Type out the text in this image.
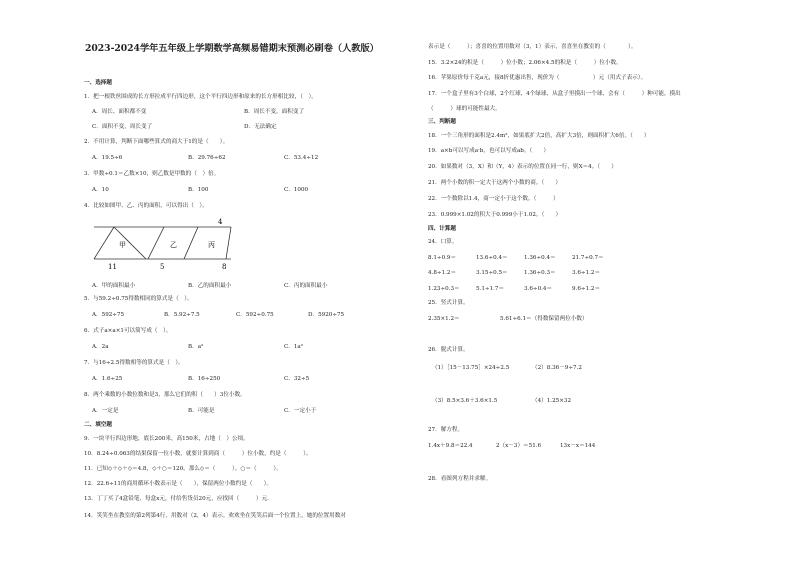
2023-2024学年五年级上学期数学高频易错期末预测必刷卷（人教版）
一、选择题
1．把一根铁丝围成的长方形拉成平行四边形，这个平行四边形和原来的长方形相比较，（　）。
A．周长、面积都不变	B．周长不变，面积变了
C．面积不变，周长变了	D．无法确定
2．不用计算，判断下面哪些算式的商大于1的是（　　）。
A．19.5÷6	B．29.76÷62	C．53.4÷12
3．甲数÷0.1＝乙数×10，则乙数是甲数的（　）倍。
A．10	B．100	C．1000
4．比较如图甲、乙、丙的面积，可以得出（　）。
A．甲的面积最小	B．乙的面积最小	C．丙的面积最小
5．与59.2÷0.75得数相同的算式是（　）。
A．592÷75	B．5.92÷7.5	C．592÷0.75	D．5920÷75
6．式子a×a×1可以简写成（　）。
A．2a	B．a²	C．1a²
7．与16÷2.5得数相等的算式是（　）。
A．1.6÷25	B．16÷250	C．32÷5
8．两个乘数的小数位数和是3，那么它们的积（　　）3位小数。
A．一定是	B．可能是	C．一定小于
二、填空题
9．一块平行四边形地，底长200米，高150米，占地（　）公顷。
10．8.24÷0.063的结果保留一位小数，就要计算到商（　　　）位小数，约是（　　　）。
11．已知◇＋◇＋◇＝4.8，◇＋○＝120，那么◇＝（　　　），○＝（　　　）。
12．22.6÷11的商用循环小数表示是（　　），保留两位小数约是（　　）。
13．丁丁买了4盒铅笔，每盒x元，付给售货员20元，应找回（　　　）元．
14．笑笑坐在教室的第2列第4行，用数对（2，4）表示。欢欢坐在笑笑后面一个位置上，她的位置用数对
表示是（　　　）；喜喜的位置用数对（3，1）表示，喜喜坐在教室的（　　　　）。
15．3.2×24的积是（　　　）位小数；2.06×4.5的积是（　　　）位小数。
16．苹果原价每千克a元，接8折优惠出售，现价为（　　　　　　）元（用式子表示）。
17．一个盒子里有3个白球，2个红球，4个绿球，从盒子里摸出一个球，会有（　　　）种可能，摸出
（　　　）球的可能性最大。
三、判断题
18．一个三角形的面积是2.4m²，如果底扩大2倍，高扩大3倍，则面积扩大6倍。（　　）
19．a×b可以写成a·b，也可以写成ab。（　　）
20．如果数对（3，X）和（Y，4）表示的位置在同一行，则X＝4。（　　）
21．两个小数的积一定大于这两个小数的商。（　　）
22．一个数除以1.4，商一定小于这个数。（　　　）
23．0.999×1.02的积大于0.999小于1.02。（　　）
四、计算题
24．口算。
8.1÷0.9＝	13.6÷0.4＝	1.36÷0.4＝	21.7÷0.7＝
4.8÷1.2＝	3.15÷0.5＝	1.36÷0.3＝	3.6÷1.2＝
1.23÷0.3＝	5.1÷1.7＝	3.6÷0.4＝	9.6÷1.2＝
25．竖式计算。
2.35×1.2＝	5.61÷6.1＝（得数保留两位小数）
26．脱式计算。
（1）［15－13.75］×24÷2.5	（2）8.36－9÷7.2
（3）8.5×3.6＋3.6×1.5	（4）1.25×32
27．解方程。
1.4x＋9.8＝22.4	2（x－3）＝51.6	13x－x＝144
28．看图列方程并求解。
甲	乙	丙
4
11	5	8
